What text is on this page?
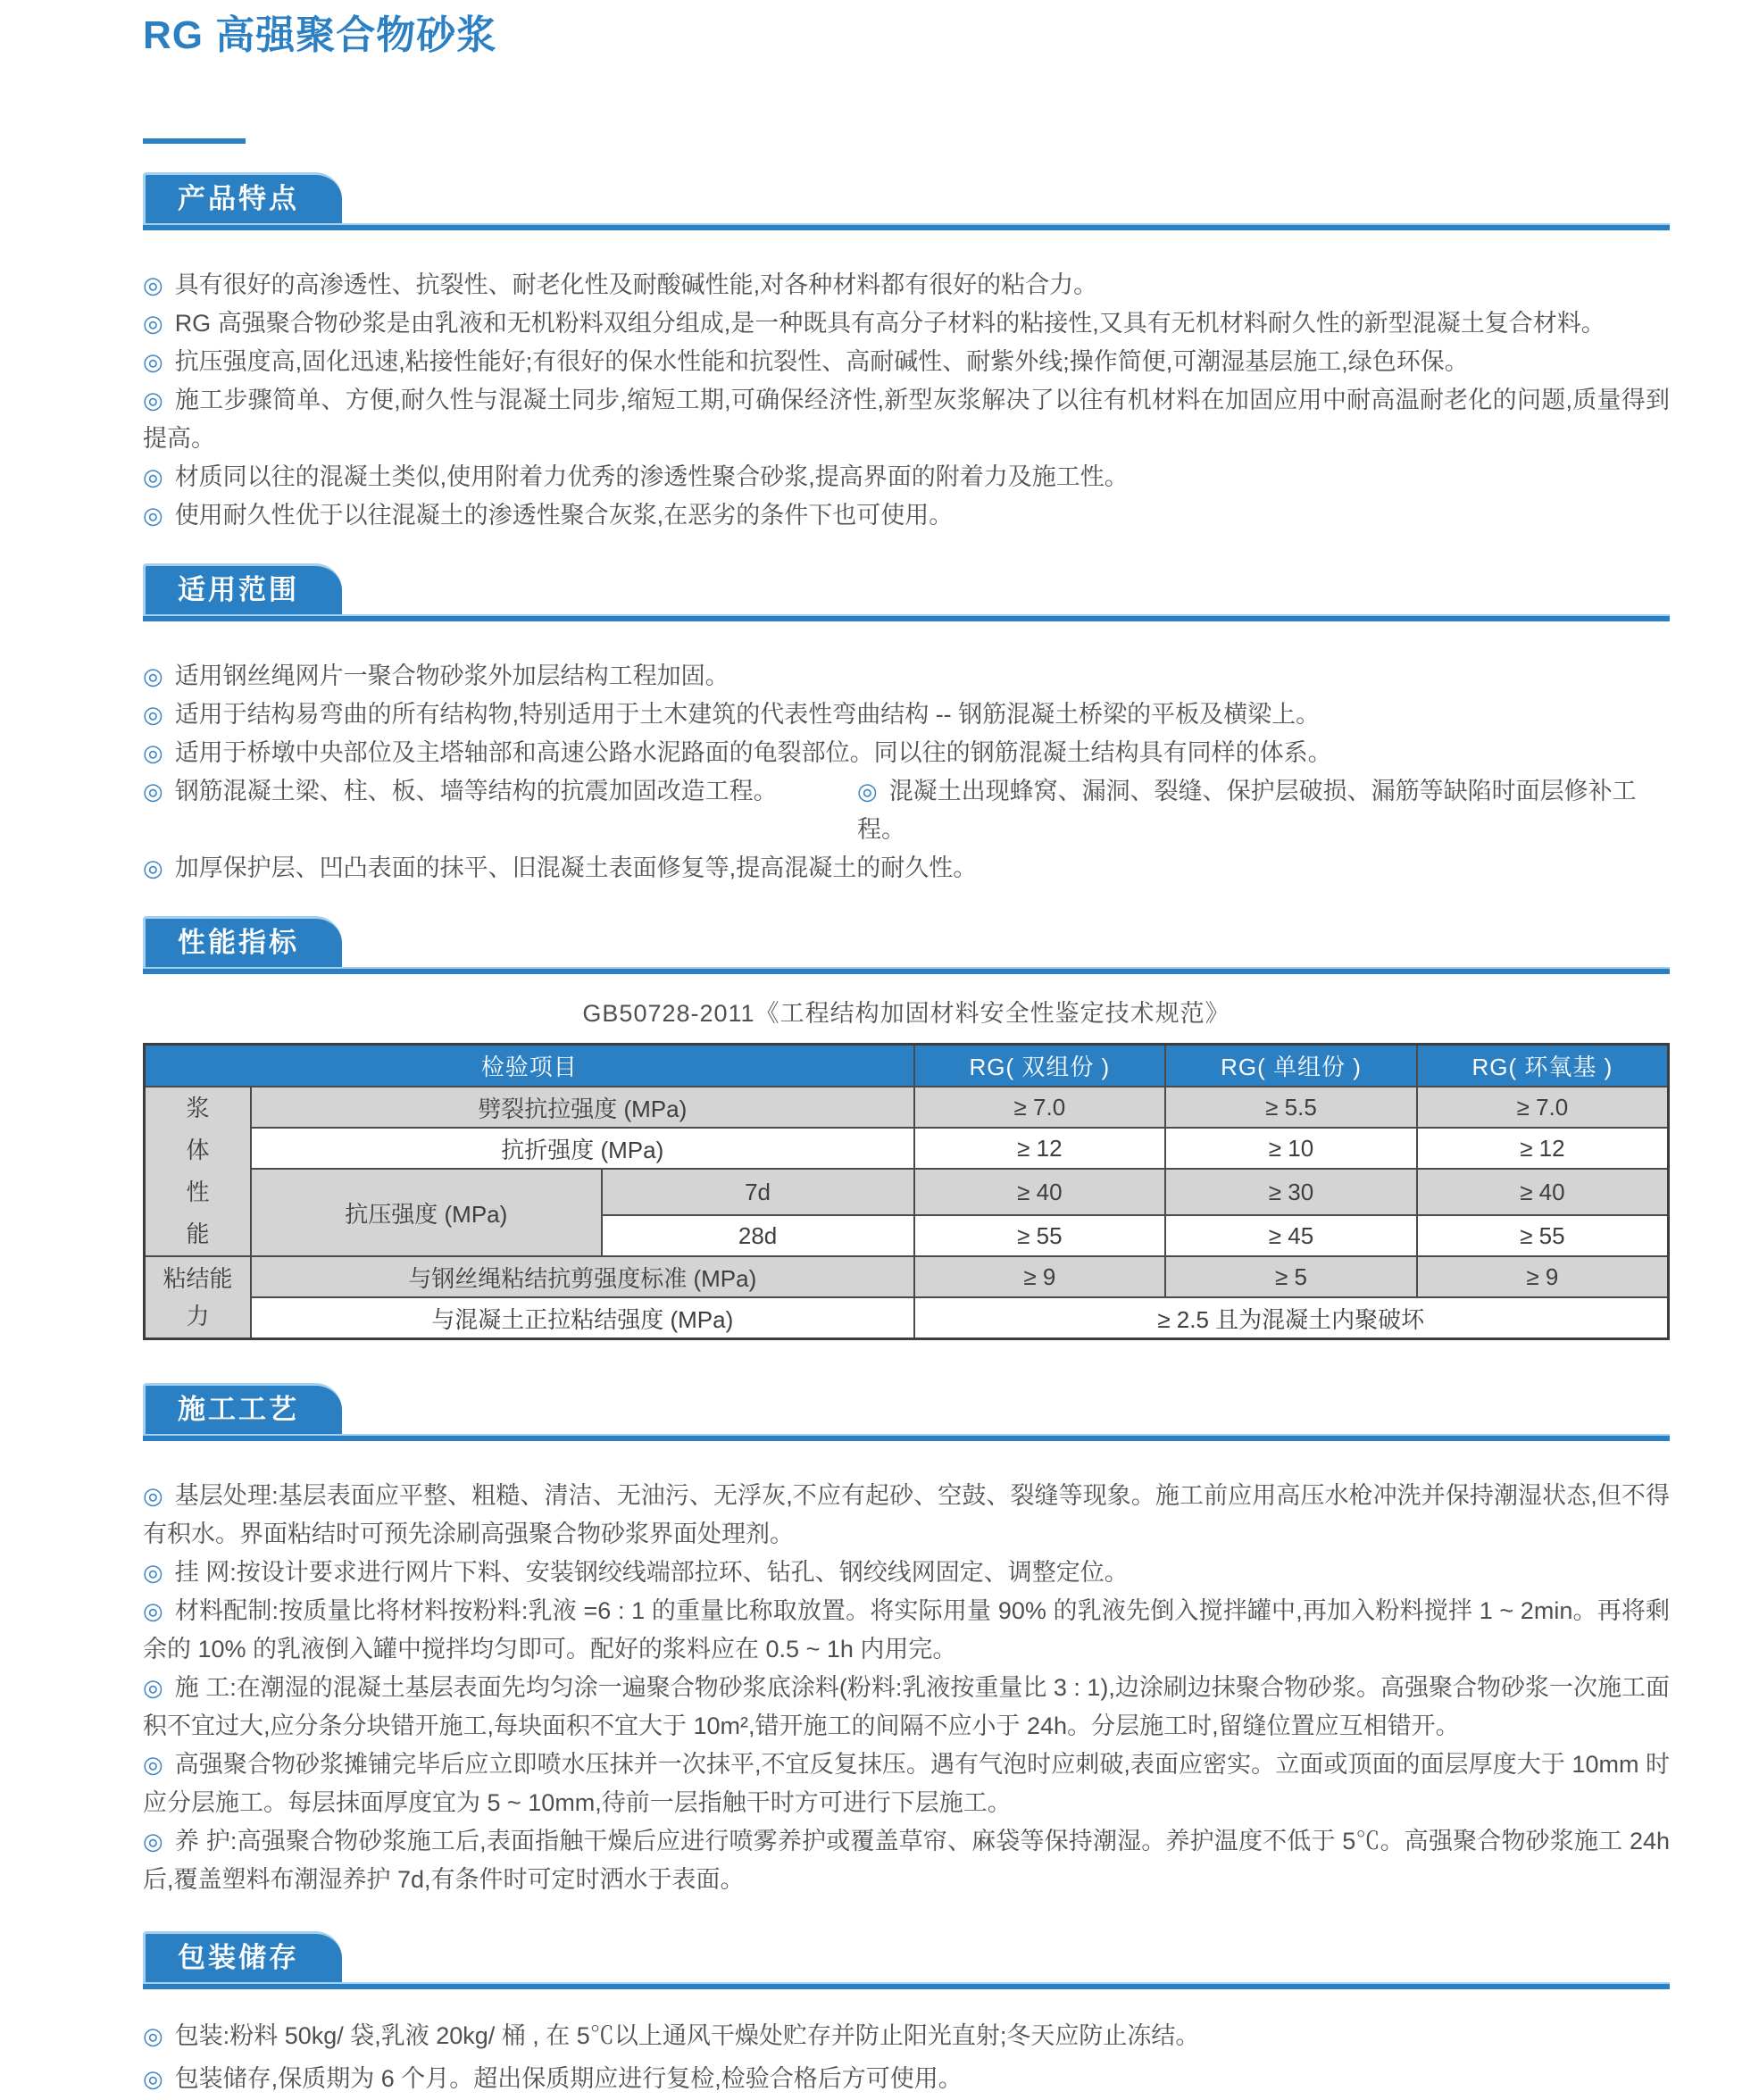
RG 高强聚合物砂浆
产品特点
◎ 具有很好的高渗透性、抗裂性、耐老化性及耐酸碱性能,对各种材料都有很好的粘合力。
◎ RG 高强聚合物砂浆是由乳液和无机粉料双组分组成,是一种既具有高分子材料的粘接性,又具有无机材料耐久性的新型混凝土复合材料。
◎ 抗压强度高,固化迅速,粘接性能好;有很好的保水性能和抗裂性、高耐碱性、耐紫外线;操作简便,可潮湿基层施工,绿色环保。
◎ 施工步骤简单、方便,耐久性与混凝土同步,缩短工期,可确保经济性,新型灰浆解决了以往有机材料在加固应用中耐高温耐老化的问题,质量得到提高。
◎ 材质同以往的混凝土类似,使用附着力优秀的渗透性聚合砂浆,提高界面的附着力及施工性。
◎ 使用耐久性优于以往混凝土的渗透性聚合灰浆,在恶劣的条件下也可使用。
适用范围
◎ 适用钢丝绳网片一聚合物砂浆外加层结构工程加固。
◎ 适用于结构易弯曲的所有结构物,特别适用于土木建筑的代表性弯曲结构 -- 钢筋混凝土桥梁的平板及横梁上。
◎ 适用于桥墩中央部位及主塔轴部和高速公路水泥路面的龟裂部位。同以往的钢筋混凝土结构具有同样的体系。
◎ 钢筋混凝土梁、柱、板、墙等结构的抗震加固改造工程。	◎ 混凝土出现蜂窝、漏洞、裂缝、保护层破损、漏筋等缺陷时面层修补工程。
◎ 加厚保护层、凹凸表面的抹平、旧混凝土表面修复等,提高混凝土的耐久性。
性能指标
GB50728-2011《工程结构加固材料安全性鉴定技术规范》
检验项目			RG( 双组份 )	RG( 单组份 )	RG( 环氧基 )
浆体性能	劈裂抗拉强度 (MPa)		≥ 7.0	≥ 5.5	≥ 7.0
	抗折强度 (MPa)		≥ 12	≥ 10	≥ 12
	抗压强度 (MPa)	7d	≥ 40	≥ 30	≥ 40
		28d	≥ 55	≥ 45	≥ 55
粘结能力	与钢丝绳粘结抗剪强度标准 (MPa)		≥ 9	≥ 5	≥ 9
	与混凝土正拉粘结强度 (MPa)		≥ 2.5 且为混凝土内聚破坏		
施工工艺
◎ 基层处理:基层表面应平整、粗糙、清洁、无油污、无浮灰,不应有起砂、空鼓、裂缝等现象。施工前应用高压水枪冲洗并保持潮湿状态,但不得有积水。界面粘结时可预先涂刷高强聚合物砂浆界面处理剂。
◎ 挂 网:按设计要求进行网片下料、安装钢绞线端部拉环、钻孔、钢绞线网固定、调整定位。
◎ 材料配制:按质量比将材料按粉料:乳液 =6 : 1 的重量比称取放置。将实际用量 90% 的乳液先倒入搅拌罐中,再加入粉料搅拌 1 ~ 2min。再将剩余的 10% 的乳液倒入罐中搅拌均匀即可。配好的浆料应在 0.5 ~ 1h 内用完。
◎ 施 工:在潮湿的混凝土基层表面先均匀涂一遍聚合物砂浆底涂料(粉料:乳液按重量比 3 : 1),边涂刷边抹聚合物砂浆。高强聚合物砂浆一次施工面积不宜过大,应分条分块错开施工,每块面积不宜大于 10m²,错开施工的间隔不应小于 24h。分层施工时,留缝位置应互相错开。
◎ 高强聚合物砂浆摊铺完毕后应立即喷水压抹并一次抹平,不宜反复抹压。遇有气泡时应刺破,表面应密实。立面或顶面的面层厚度大于 10mm 时应分层施工。每层抹面厚度宜为 5 ~ 10mm,待前一层指触干时方可进行下层施工。
◎ 养 护:高强聚合物砂浆施工后,表面指触干燥后应进行喷雾养护或覆盖草帘、麻袋等保持潮湿。养护温度不低于 5℃。高强聚合物砂浆施工 24h 后,覆盖塑料布潮湿养护 7d,有条件时可定时洒水于表面。
包装储存
◎ 包装:粉料 50kg/ 袋,乳液 20kg/ 桶 , 在 5℃以上通风干燥处贮存并防止阳光直射;冬天应防止冻结。
◎ 包装储存,保质期为 6 个月。超出保质期应进行复检,检验合格后方可使用。
